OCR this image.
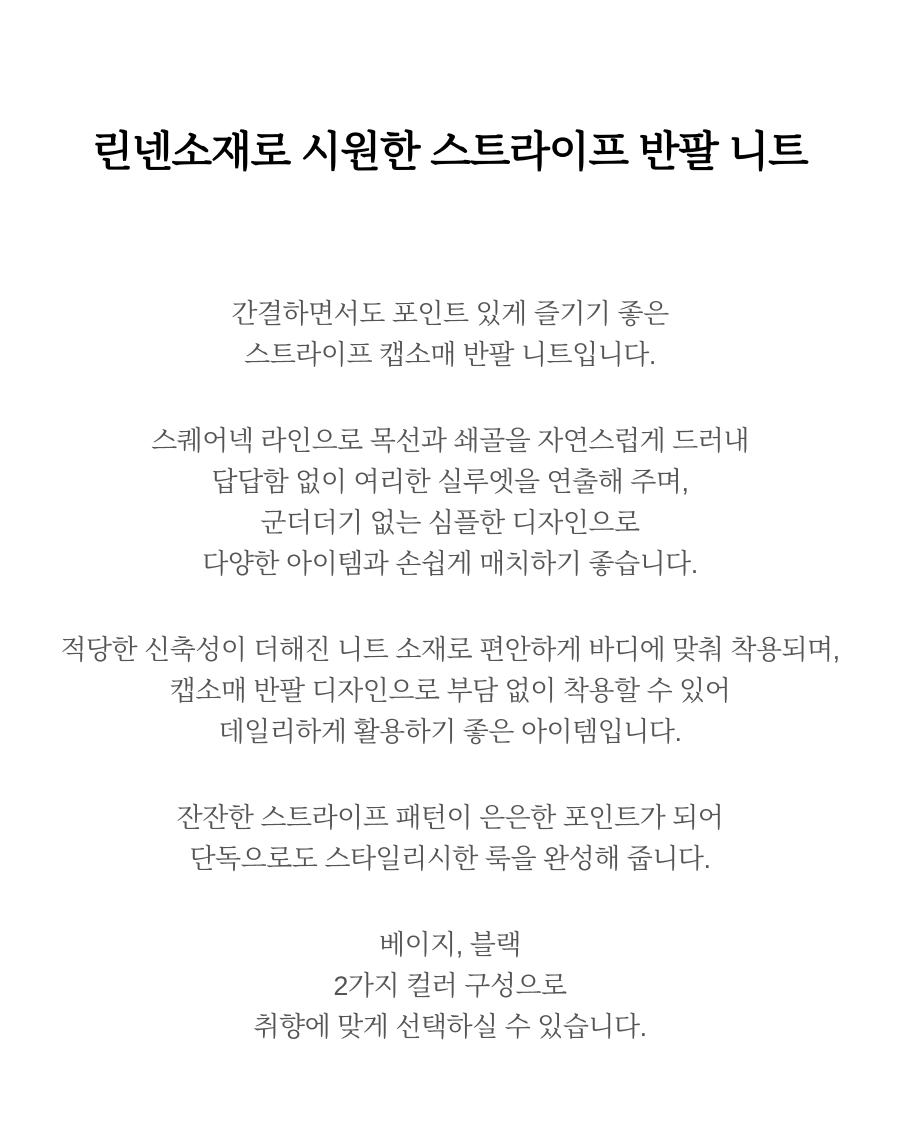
린넨소재로 시원한 스트라이프 반팔 니트

간결하면서도 포인트 있게 즐기기 좋은
스트라이프 캡소매 반팔 니트입니다.

스퀘어넥 라인으로 목선과 쇄골을 자연스럽게 드러내
답답함 없이 여리한 실루엣을 연출해 주며,
군더더기 없는 심플한 디자인으로
다양한 아이템과 손쉽게 매치하기 좋습니다.

적당한 신축성이 더해진 니트 소재로 편안하게 바디에 맞춰 착용되며,
캡소매 반팔 디자인으로 부담 없이 착용할 수 있어
데일리하게 활용하기 좋은 아이템입니다.

잔잔한 스트라이프 패턴이 은은한 포인트가 되어
단독으로도 스타일리시한 룩을 완성해 줍니다.

베이지, 블랙
2가지 컬러 구성으로
취향에 맞게 선택하실 수 있습니다.
